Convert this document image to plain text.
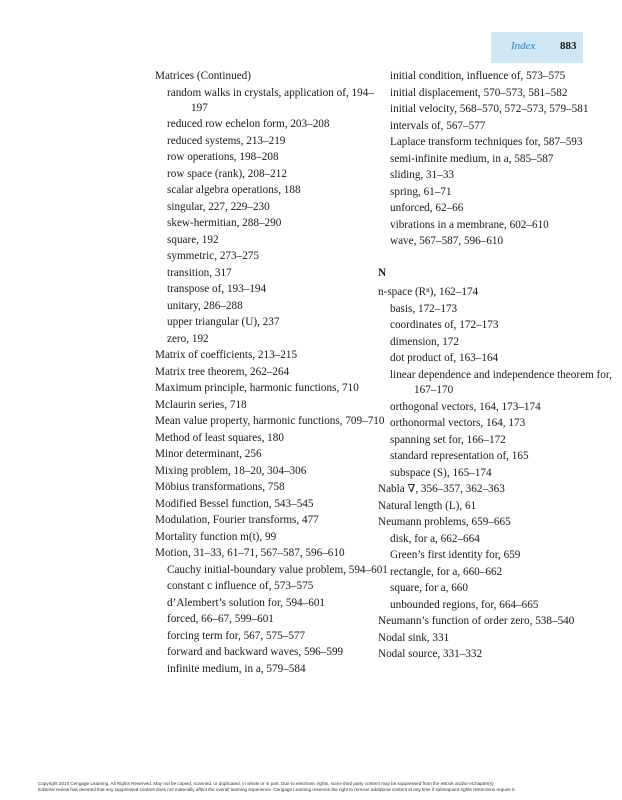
Index 883
Matrices (Continued)
random walks in crystals, application of, 194–197
reduced row echelon form, 203–208
reduced systems, 213–219
row operations, 198–208
row space (rank), 208–212
scalar algebra operations, 188
singular, 227, 229–230
skew-hermitian, 288–290
square, 192
symmetric, 273–275
transition, 317
transpose of, 193–194
unitary, 286–288
upper triangular (U), 237
zero, 192
Matrix of coefficients, 213–215
Matrix tree theorem, 262–264
Maximum principle, harmonic functions, 710
Mclaurin series, 718
Mean value property, harmonic functions, 709–710
Method of least squares, 180
Minor determinant, 256
Mixing problem, 18–20, 304–306
Möbius transformations, 758
Modified Bessel function, 543–545
Modulation, Fourier transforms, 477
Mortality function m(t), 99
Motion, 31–33, 61–71, 567–587, 596–610
Cauchy initial-boundary value problem, 594–601
constant c influence of, 573–575
d’Alembert’s solution for, 594–601
forced, 66–67, 599–601
forcing term for, 567, 575–577
forward and backward waves, 596–599
infinite medium, in a, 579–584
initial condition, influence of, 573–575
initial displacement, 570–573, 581–582
initial velocity, 568–570, 572–573, 579–581
intervals of, 567–577
Laplace transform techniques for, 587–593
semi-infinite medium, in a, 585–587
sliding, 31–33
spring, 61–71
unforced, 62–66
vibrations in a membrane, 602–610
wave, 567–587, 596–610
N
n-space (Rⁿ), 162–174
basis, 172–173
coordinates of, 172–173
dimension, 172
dot product of, 163–164
linear dependence and independence theorem for, 167–170
orthogonal vectors, 164, 173–174
orthonormal vectors, 164, 173
spanning set for, 166–172
standard representation of, 165
subspace (S), 165–174
Nabla ∇, 356–357, 362–363
Natural length (L), 61
Neumann problems, 659–665
disk, for a, 662–664
Green’s first identity for, 659
rectangle, for a, 660–662
square, for a, 660
unbounded regions, for, 664–665
Neumann’s function of order zero, 538–540
Nodal sink, 331
Nodal source, 331–332
Copyright 2010 Cengage Learning. All Rights Reserved. May not be copied, scanned, or duplicated, in whole or in part. Due to electronic rights, some third party content may be suppressed from the eBook and/or eChapter(s).
Editorial review has deemed that any suppressed content does not materially affect the overall learning experience. Cengage Learning reserves the right to remove additional content at any time if subsequent rights restrictions require it.
